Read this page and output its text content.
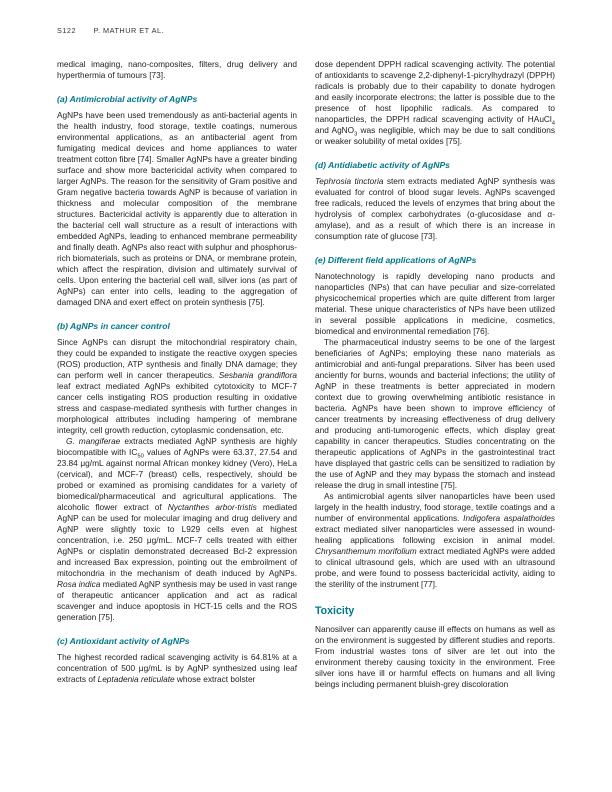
S122 P. MATHUR ET AL.
medical imaging, nano-composites, filters, drug delivery and hyperthermia of tumours [73].
(a) Antimicrobial activity of AgNPs
AgNPs have been used tremendously as anti-bacterial agents in the health industry, food storage, textile coatings, numerous environmental applications, as an antibacterial agent from fumigating medical devices and home appliances to water treatment cotton fibre [74]. Smaller AgNPs have a greater binding surface and show more bactericidal activity when compared to larger AgNPs. The reason for the sensitivity of Gram positive and Gram negative bacteria towards AgNP is because of variation in thickness and molecular composition of the membrane structures. Bactericidal activity is apparently due to alteration in the bacterial cell wall structure as a result of interactions with embedded AgNPs, leading to enhanced membrane permeability and finally death. AgNPs also react with sulphur and phosphorus-rich biomaterials, such as proteins or DNA, or membrane protein, which affect the respiration, division and ultimately survival of cells. Upon entering the bacterial cell wall, silver ions (as part of AgNPs) can enter into cells, leading to the aggregation of damaged DNA and exert effect on protein synthesis [75].
(b) AgNPs in cancer control
Since AgNPs can disrupt the mitochondrial respiratory chain, they could be expanded to instigate the reactive oxygen species (ROS) production, ATP synthesis and finally DNA damage; they can perform well in cancer therapeutics. Sesbania grandiflora leaf extract mediated AgNPs exhibited cytotoxicity to MCF-7 cancer cells instigating ROS production resulting in oxidative stress and caspase-mediated synthesis with further changes in morphological attributes including hampering of membrane integrity, cell growth reduction, cytoplasmic condensation, etc.
G. mangiferae extracts mediated AgNP synthesis are highly biocompatible with $IC_{50}$ values of AgNPs were 63.37, 27.54 and 23.84 μg/mL against normal African monkey kidney (Vero), HeLa (cervical), and MCF-7 (breast) cells, respectively, should be probed or examined as promising candidates for a variety of biomedical/pharmaceutical and agricultural applications. The alcoholic flower extract of Nyctanthes arbor-tristis mediated AgNP can be used for molecular imaging and drug delivery and AgNP were slightly toxic to L929 cells even at highest concentration, i.e. 250 μg/mL. MCF-7 cells treated with either AgNPs or cisplatin demonstrated decreased Bcl-2 expression and increased Bax expression, pointing out the embroilment of mitochondria in the mechanism of death induced by AgNPs. Rosa indica mediated AgNP synthesis may be used in vast range of therapeutic anticancer application and act as radical scavenger and induce apoptosis in HCT-15 cells and the ROS generation [75].
(c) Antioxidant activity of AgNPs
The highest recorded radical scavenging activity is 64.81% at a concentration of 500 μg/mL is by AgNP synthesized using leaf extracts of Leptadenia reticulate whose extract bolster
dose dependent DPPH radical scavenging activity. The potential of antioxidants to scavenge 2,2-diphenyl-1-picrylhydrazyl (DPPH) radicals is probably due to their capability to donate hydrogen and easily incorporate electrons; the latter is possible due to the presence of host lipophilic radicals. As compared to nanoparticles, the DPPH radical scavenging activity of HAuCl$_4$ and AgNO$_3$ was negligible, which may be due to salt conditions or weaker solubility of metal oxides [75].
(d) Antidiabetic activity of AgNPs
Tephrosia tinctoria stem extracts mediated AgNP synthesis was evaluated for control of blood sugar levels. AgNPs scavenged free radicals, reduced the levels of enzymes that bring about the hydrolysis of complex carbohydrates (α-glucosidase and α-amylase), and as a result of which there is an increase in consumption rate of glucose [73].
(e) Different field applications of AgNPs
Nanotechnology is rapidly developing nano products and nanoparticles (NPs) that can have peculiar and size-correlated physicochemical properties which are quite different from larger material. These unique characteristics of NPs have been utilized in several possible applications in medicine, cosmetics, biomedical and environmental remediation [76].
The pharmaceutical industry seems to be one of the largest beneficiaries of AgNPs; employing these nano materials as antimicrobial and anti-fungal preparations. Silver has been used anciently for burns, wounds and bacterial infections; the utility of AgNP in these treatments is better appreciated in modern context due to growing overwhelming antibiotic resistance in bacteria. AgNPs have been shown to improve efficiency of cancer treatments by increasing effectiveness of drug delivery and producing anti-tumorogenic effects, which display great capability in cancer therapeutics. Studies concentrating on the therapeutic applications of AgNPs in the gastrointestinal tract have displayed that gastric cells can be sensitized to radiation by the use of AgNP and they may bypass the stomach and instead release the drug in small intestine [75].
As antimicrobial agents silver nanoparticles have been used largely in the health industry, food storage, textile coatings and a number of environmental applications. Indigofera aspalathoides extract mediated silver nanoparticles were assessed in wound-healing applications following excision in animal model. Chrysanthemum morifolium extract mediated AgNPs were added to clinical ultrasound gels, which are used with an ultrasound probe, and were found to possess bactericidal activity, aiding to the sterility of the instrument [77].
Toxicity
Nanosilver can apparently cause ill effects on humans as well as on the environment is suggested by different studies and reports. From industrial wastes tons of silver are let out into the environment thereby causing toxicity in the environment. Free silver ions have ill or harmful effects on humans and all living beings including permanent bluish-grey discoloration
